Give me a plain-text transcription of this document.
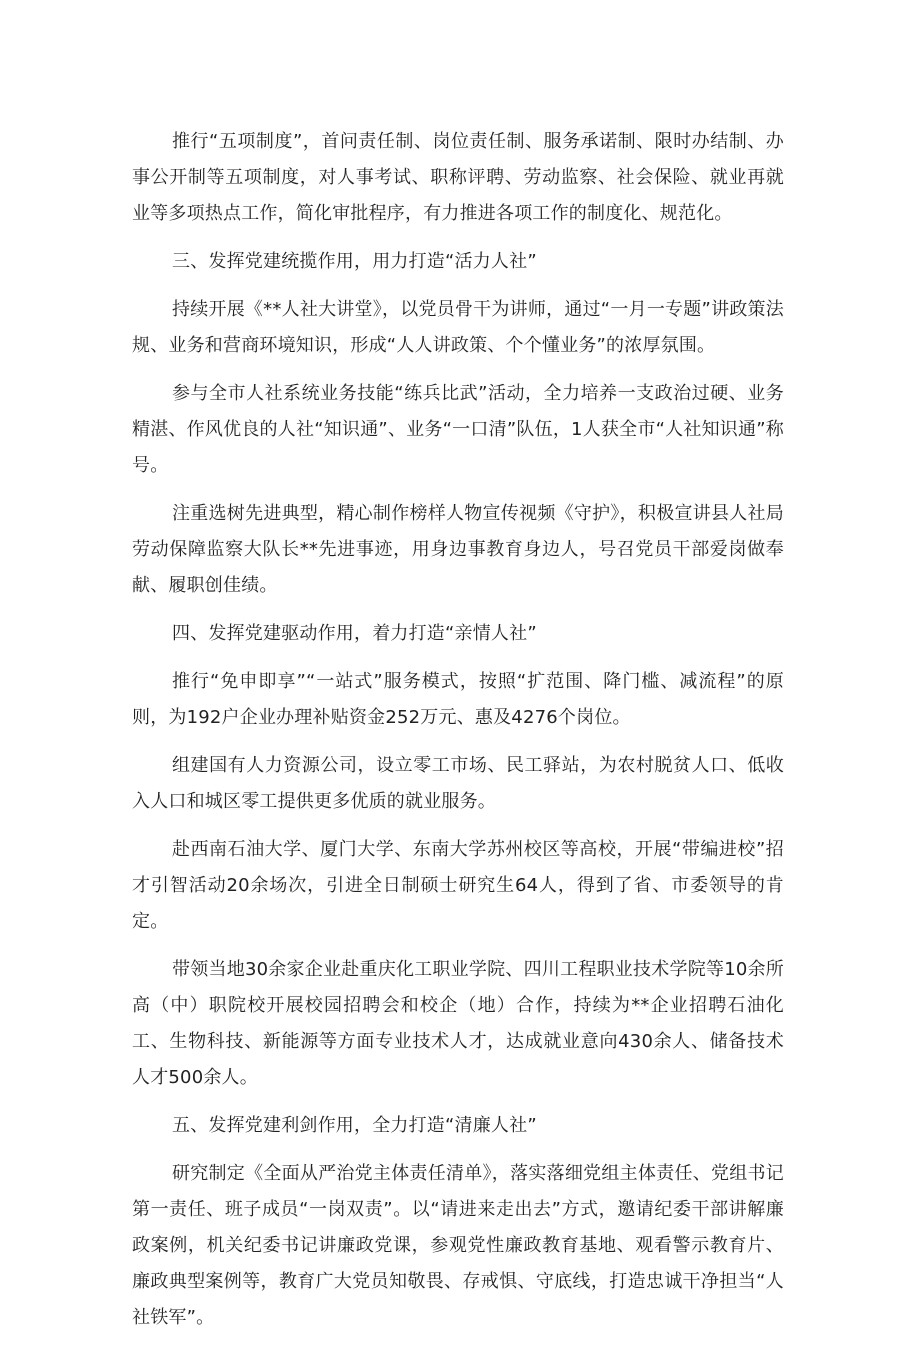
推行“五项制度”，首问责任制、岗位责任制、服务承诺制、限时办结制、办事公开制等五项制度，对人事考试、职称评聘、劳动监察、社会保险、就业再就业等多项热点工作，简化审批程序，有力推进各项工作的制度化、规范化。

三、发挥党建统揽作用，用力打造“活力人社”

持续开展《**人社大讲堂》，以党员骨干为讲师，通过“一月一专题”讲政策法规、业务和营商环境知识，形成“人人讲政策、个个懂业务”的浓厚氛围。

参与全市人社系统业务技能“练兵比武”活动，全力培养一支政治过硬、业务精湛、作风优良的人社“知识通”、业务“一口清”队伍，1人获全市“人社知识通”称号。

注重选树先进典型，精心制作榜样人物宣传视频《守护》，积极宣讲县人社局劳动保障监察大队长**先进事迹，用身边事教育身边人，号召党员干部爱岗做奉献、履职创佳绩。

四、发挥党建驱动作用，着力打造“亲情人社”

推行“免申即享”“一站式”服务模式，按照“扩范围、降门槛、减流程”的原则，为192户企业办理补贴资金252万元、惠及4276个岗位。

组建国有人力资源公司，设立零工市场、民工驿站，为农村脱贫人口、低收入人口和城区零工提供更多优质的就业服务。

赴西南石油大学、厦门大学、东南大学苏州校区等高校，开展“带编进校”招才引智活动20余场次，引进全日制硕士研究生64人，得到了省、市委领导的肯定。

带领当地30余家企业赴重庆化工职业学院、四川工程职业技术学院等10余所高（中）职院校开展校园招聘会和校企（地）合作，持续为**企业招聘石油化工、生物科技、新能源等方面专业技术人才，达成就业意向430余人、储备技术人才500余人。

五、发挥党建利剑作用，全力打造“清廉人社”

研究制定《全面从严治党主体责任清单》，落实落细党组主体责任、党组书记第一责任、班子成员“一岗双责”。以“请进来走出去”方式，邀请纪委干部讲解廉政案例，机关纪委书记讲廉政党课，参观党性廉政教育基地、观看警示教育片、廉政典型案例等，教育广大党员知敬畏、存戒惧、守底线，打造忠诚干净担当“人社铁军”。
